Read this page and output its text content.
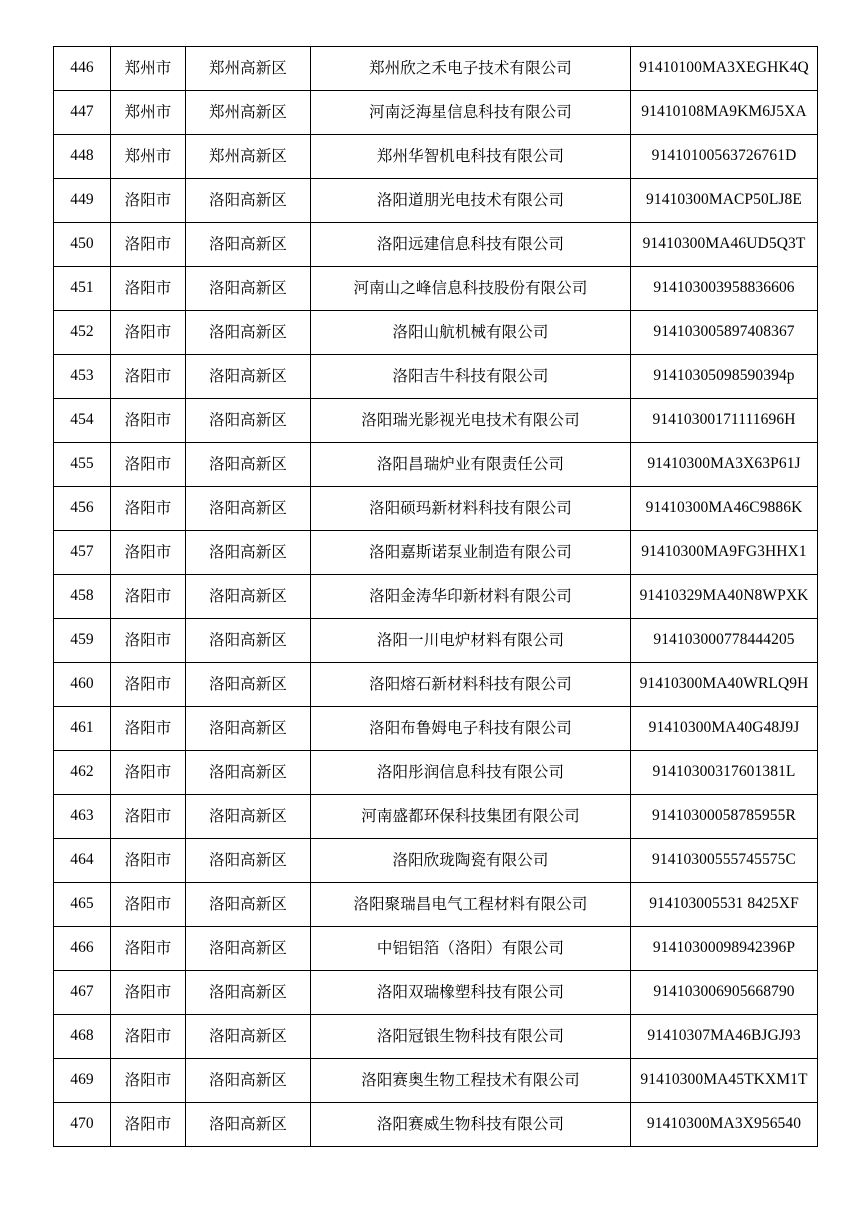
446	郑州市	郑州高新区	郑州欣之禾电子技术有限公司	91410100MA3XEGHK4Q
447	郑州市	郑州高新区	河南泛海星信息科技有限公司	91410108MA9KM6J5XA
448	郑州市	郑州高新区	郑州华智机电科技有限公司	91410100563726761D
449	洛阳市	洛阳高新区	洛阳道朋光电技术有限公司	91410300MACP50LJ8E
450	洛阳市	洛阳高新区	洛阳远建信息科技有限公司	91410300MA46UD5Q3T
451	洛阳市	洛阳高新区	河南山之峰信息科技股份有限公司	914103003958836606
452	洛阳市	洛阳高新区	洛阳山航机械有限公司	914103005897408367
453	洛阳市	洛阳高新区	洛阳吉牛科技有限公司	91410305098590394p
454	洛阳市	洛阳高新区	洛阳瑞光影视光电技术有限公司	91410300171111696H
455	洛阳市	洛阳高新区	洛阳昌瑞炉业有限责任公司	91410300MA3X63P61J
456	洛阳市	洛阳高新区	洛阳硕玛新材料科技有限公司	91410300MA46C9886K
457	洛阳市	洛阳高新区	洛阳嘉斯诺泵业制造有限公司	91410300MA9FG3HHX1
458	洛阳市	洛阳高新区	洛阳金涛华印新材料有限公司	91410329MA40N8WPXK
459	洛阳市	洛阳高新区	洛阳一川电炉材料有限公司	914103000778444205
460	洛阳市	洛阳高新区	洛阳熔石新材料科技有限公司	91410300MA40WRLQ9H
461	洛阳市	洛阳高新区	洛阳布鲁姆电子科技有限公司	91410300MA40G48J9J
462	洛阳市	洛阳高新区	洛阳彤润信息科技有限公司	91410300317601381L
463	洛阳市	洛阳高新区	河南盛都环保科技集团有限公司	91410300058785955R
464	洛阳市	洛阳高新区	洛阳欣珑陶瓷有限公司	91410300555745575C
465	洛阳市	洛阳高新区	洛阳聚瑞昌电气工程材料有限公司	914103005531 8425XF
466	洛阳市	洛阳高新区	中铝铝箔（洛阳）有限公司	91410300098942396P
467	洛阳市	洛阳高新区	洛阳双瑞橡塑科技有限公司	914103006905668790
468	洛阳市	洛阳高新区	洛阳冠银生物科技有限公司	91410307MA46BJGJ93
469	洛阳市	洛阳高新区	洛阳赛奥生物工程技术有限公司	91410300MA45TKXM1T
470	洛阳市	洛阳高新区	洛阳赛威生物科技有限公司	91410300MA3X956540
